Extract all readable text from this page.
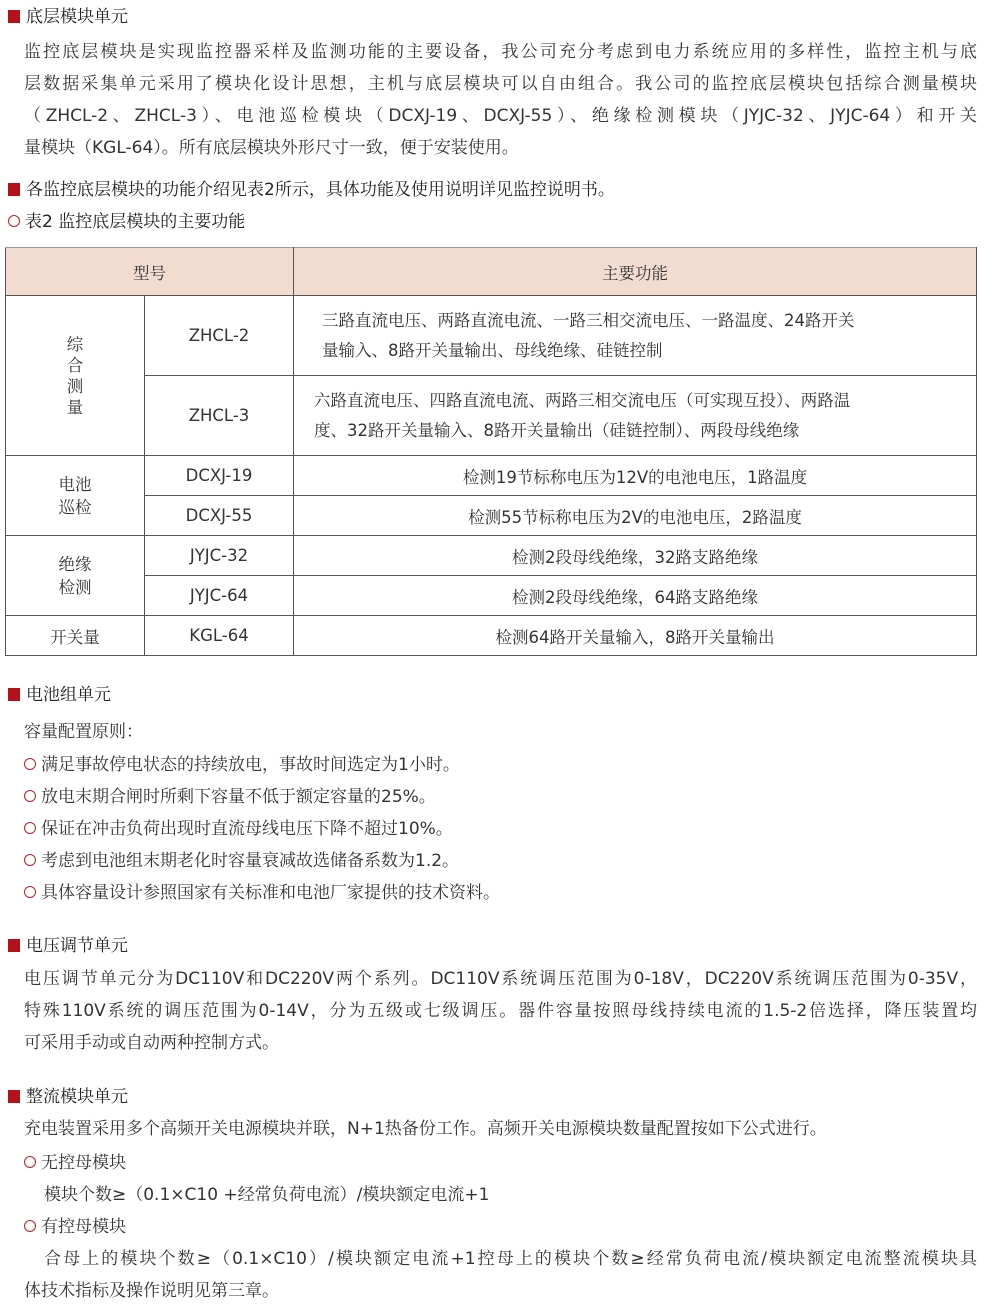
底层模块单元
监控底层模块是实现监控器采样及监测功能的主要设备，我公司充分考虑到电力系统应用的多样性，监控主机与底
层数据采集单元采用了模块化设计思想，主机与底层模块可以自由组合。我公司的监控底层模块包括综合测量模块
（ZHCL-2、ZHCL-3）、电池巡检模块（DCXJ-19、DCXJ-55）、绝缘检测模块（JYJC-32、JYJC-64）和开关
量模块（KGL-64）。所有底层模块外形尺寸一致，便于安装使用。
各监控底层模块的功能介绍见表2所示，具体功能及使用说明详见监控说明书。
表2 监控底层模块的主要功能
型号		主要功能
综合测量	ZHCL-2	三路直流电压、两路直流电流、一路三相交流电压、一路温度、24路开关
量输入、8路开关量输出、母线绝缘、硅链控制

	ZHCL-3	六路直流电压、四路直流电流、两路三相交流电压（可实现互投）、两路温
度、32路开关量输入、8路开关量输出（硅链控制）、两段母线绝缘

电池巡检	DCXJ-19	检测19节标称电压为12V的电池电压，1路温度
	DCXJ-55	检测55节标称电压为2V的电池电压，2路温度
绝缘检测	JYJC-32	检测2段母线绝缘，32路支路绝缘
	JYJC-64	检测2段母线绝缘，64路支路绝缘
开关量	KGL-64	检测64路开关量输入，8路开关量输出
电池组单元
容量配置原则：
满足事故停电状态的持续放电，事故时间选定为1小时。
放电末期合闸时所剩下容量不低于额定容量的25%。
保证在冲击负荷出现时直流母线电压下降不超过10%。
考虑到电池组末期老化时容量衰减故选储备系数为1.2。
具体容量设计参照国家有关标准和电池厂家提供的技术资料。
电压调节单元
电压调节单元分为DC110V和DC220V两个系列。DC110V系统调压范围为0-18V，DC220V系统调压范围为0-35V，
特殊110V系统的调压范围为0-14V，分为五级或七级调压。器件容量按照母线持续电流的1.5-2倍选择，降压装置均
可采用手动或自动两种控制方式。
整流模块单元
充电装置采用多个高频开关电源模块并联，N+1热备份工作。高频开关电源模块数量配置按如下公式进行。
无控母模块
模块个数≥（0.1×C10 +经常负荷电流）/模块额定电流+1
有控母模块
合母上的模块个数≥（0.1×C10）/模块额定电流+1控母上的模块个数≥经常负荷电流/模块额定电流整流模块具
体技术指标及操作说明见第三章。
